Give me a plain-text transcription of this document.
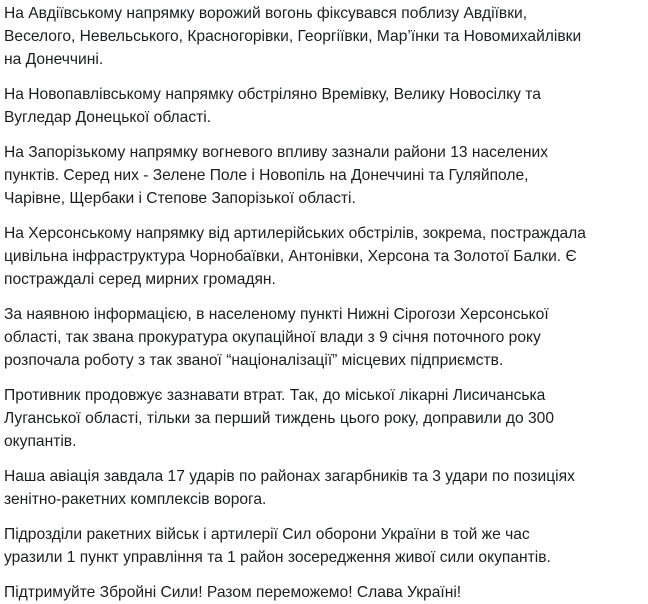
На Авдіївському напрямку ворожий вогонь фіксувався поблизу Авдіївки,
Веселого, Невельського, Красногорівки, Георгіївки, Мар’їнки та Новомихайлівки
на Донеччині.

На Новопавлівському напрямку обстріляно Времівку, Велику Новосілку та
Вугледар Донецької області.

На Запорізькому напрямку вогневого впливу зазнали райони 13 населених
пунктів. Серед них - Зелене Поле і Новопіль на Донеччині та Гуляйполе,
Чарівне, Щербаки і Степове Запорізької області.

На Херсонському напрямку від артилерійських обстрілів, зокрема, постраждала
цивільна інфраструктура Чорнобаївки, Антонівки, Херсона та Золотої Балки. Є
постраждалі серед мирних громадян.

За наявною інформацією, в населеному пункті Нижні Сірогози Херсонської
області, так звана прокуратура окупаційної влади з 9 січня поточного року
розпочала роботу з так званої “націоналізації” місцевих підприємств.

Противник продовжує зазнавати втрат. Так, до міської лікарні Лисичанська
Луганської області, тільки за перший тиждень цього року, доправили до 300
окупантів.

Наша авіація завдала 17 ударів по районах загарбників та 3 удари по позиціях
зенітно-ракетних комплексів ворога.

Підрозділи ракетних військ і артилерії Сил оборони України в той же час
уразили 1 пункт управління та 1 район зосередження живої сили окупантів.

Підтримуйте Збройні Сили! Разом переможемо! Слава Україні!
